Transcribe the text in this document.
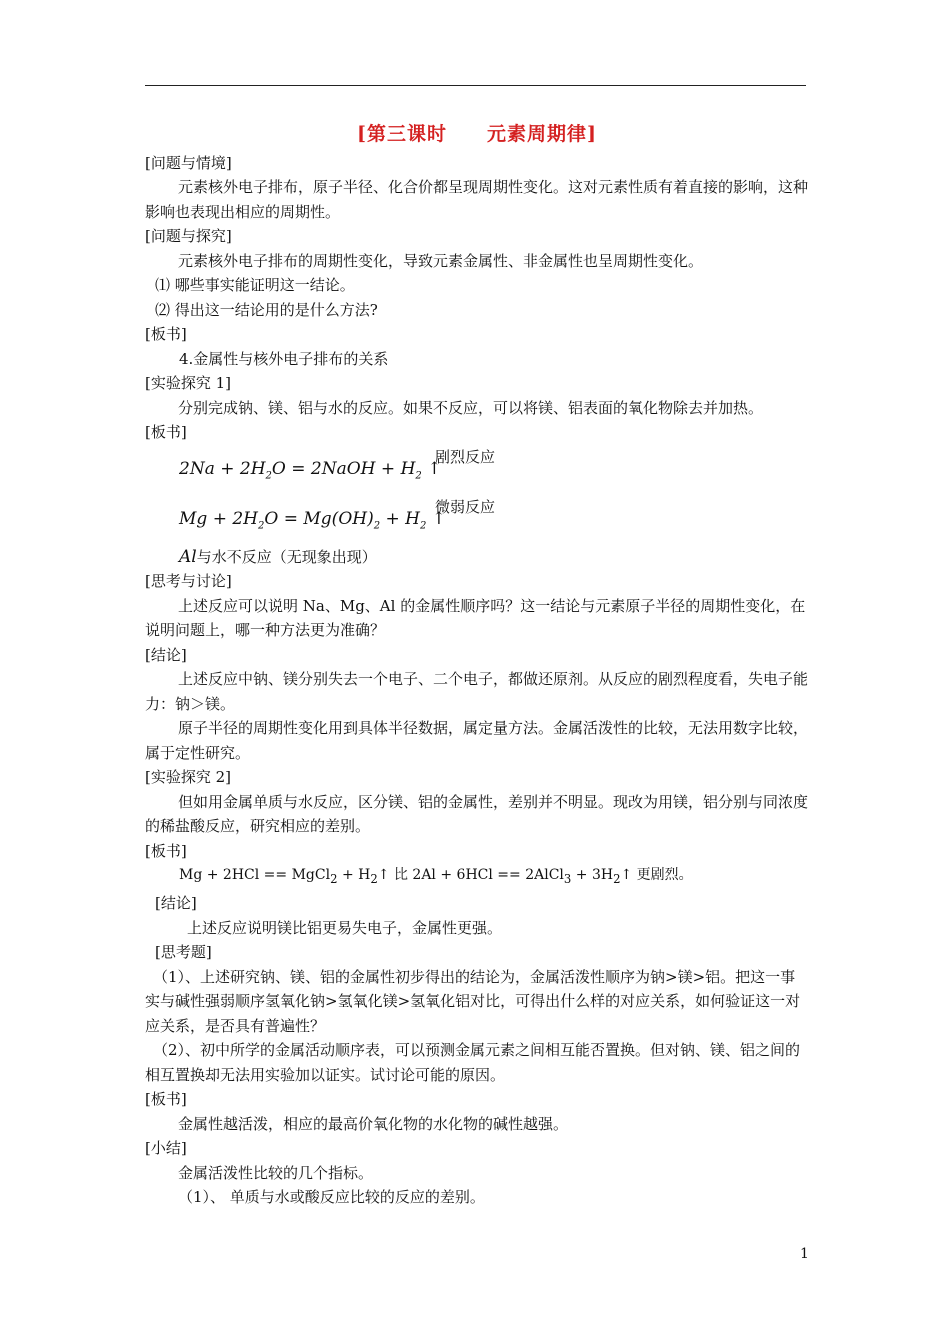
[第三课时 元素周期律]

[问题与情境]

元素核外电子排布，原子半径、化合价都呈现周期性变化。这对元素性质有着直接的影响，这种影响也表现出相应的周期性。

[问题与探究]

元素核外电子排布的周期性变化，导致元素金属性、非金属性也呈周期性变化。

⑴ 哪些事实能证明这一结论。

⑵ 得出这一结论用的是什么方法?

[板书]

4.金属性与核外电子排布的关系

[实验探究 1]

分别完成钠、镁、铝与水的反应。如果不反应，可以将镁、铝表面的氧化物除去并加热。

[板书]

$2Na + 2H_2O$ = 2NaOH + $H_2$ ↑
剧烈反应
$Mg + 2H_2O = Mg(OH)_2 + H_2$ ↑
微弱反应

Al与水不反应（无现象出现）

[思考与讨论]

上述反应可以说明 Na、Mg、Al 的金属性顺序吗？这一结论与元素原子半径的周期性变化，在说明问题上，哪一种方法更为准确？

[结论]

上述反应中钠、镁分别失去一个电子、二个电子，都做还原剂。从反应的剧烈程度看，失电子能力：钠＞镁。

原子半径的周期性变化用到具体半径数据，属定量方法。金属活泼性的比较，无法用数字比较，属于定性研究。

[实验探究 2]

但如用金属单质与水反应，区分镁、铝的金属性，差别并不明显。现改为用镁，铝分别与同浓度的稀盐酸反应，研究相应的差别。

[板书]

Mg + 2HCl == MgCl$_2$ + $H_2↑$ 比 2Al + 6HCl == 2AlCl$_3$ + $3H_2↑$ 更剧烈。

[结论]

上述反应说明镁比铝更易失电子，金属性更强。

[思考题]

（1）、上述研究钠、镁、铝的金属性初步得出的结论为，金属活泼性顺序为钠>镁>铝。把这一事实与碱性强弱顺序氢氧化钠>氢氧化镁>氢氧化铝对比，可得出什么样的对应关系，如何验证这一对应关系，是否具有普遍性？

（2）、初中所学的金属活动顺序表，可以预测金属元素之间相互能否置换。但对钠、镁、铝之间的相互置换却无法用实验加以证实。试讨论可能的原因。

[板书]

金属性越活泼，相应的最高价氧化物的水化物的碱性越强。

[小结]

金属活泼性比较的几个指标。

（1）、 单质与水或酸反应比较的反应的差别。

1
